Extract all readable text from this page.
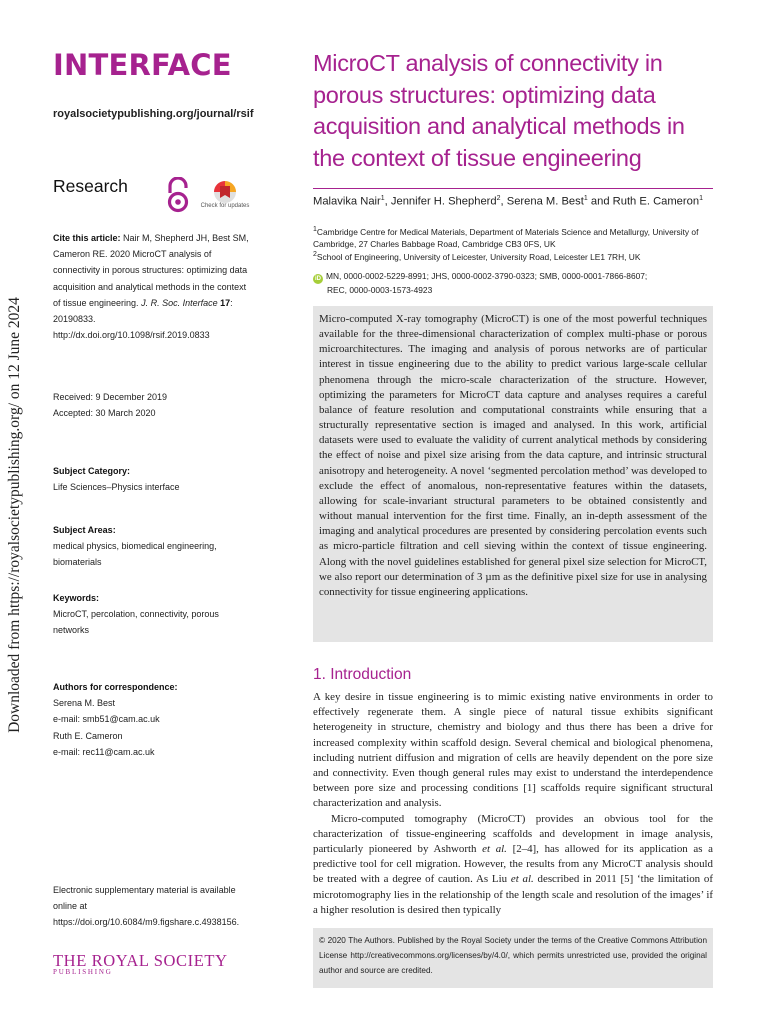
Downloaded from https://royalsocietypublishing.org/ on 12 June 2024
INTERFACE
royalsocietypublishing.org/journal/rsif
Research
Check for updates
Cite this article: Nair M, Shepherd JH, Best SM, Cameron RE. 2020 MicroCT analysis of connectivity in porous structures: optimizing data acquisition and analytical methods in the context of tissue engineering. J. R. Soc. Interface 17: 20190833.
http://dx.doi.org/10.1098/rsif.2019.0833
Received: 9 December 2019
Accepted: 30 March 2020
Subject Category:
Life Sciences–Physics interface
Subject Areas:
medical physics, biomedical engineering, biomaterials
Keywords:
MicroCT, percolation, connectivity, porous networks
Authors for correspondence:
Serena M. Best
e-mail: smb51@cam.ac.uk
Ruth E. Cameron
e-mail: rec11@cam.ac.uk
Electronic supplementary material is available online at https://doi.org/10.6084/m9.figshare.c.4938156.
THE ROYAL SOCIETY
PUBLISHING
MicroCT analysis of connectivity in porous structures: optimizing data acquisition and analytical methods in the context of tissue engineering
Malavika Nair$^1$, Jennifer H. Shepherd$^2$, Serena M. Best$^1$ and Ruth E. Cameron$^1$
$^1$Cambridge Centre for Medical Materials, Department of Materials Science and Metallurgy, University of Cambridge, 27 Charles Babbage Road, Cambridge CB3 0FS, UK
$^2$School of Engineering, University of Leicester, University Road, Leicester LE1 7RH, UK
iD MN, 0000-0002-5229-8991; JHS, 0000-0002-3790-0323; SMB, 0000-0001-7866-8607;
REC, 0000-0003-1573-4923
Micro-computed X-ray tomography (MicroCT) is one of the most powerful techniques available for the three-dimensional characterization of complex multi-phase or porous microarchitectures. The imaging and analysis of porous networks are of particular interest in tissue engineering due to the ability to predict various large-scale cellular phenomena through the micro-scale characterization of the structure. However, optimizing the parameters for MicroCT data capture and analyses requires a careful balance of feature resolution and computational constraints while ensuring that a structurally representative section is imaged and analysed. In this work, artificial datasets were used to evaluate the validity of current analytical methods by considering the effect of noise and pixel size arising from the data capture, and intrinsic structural anisotropy and heterogeneity. A novel ‘segmented percolation method’ was developed to exclude the effect of anomalous, non-representative features within the datasets, allowing for scale-invariant structural parameters to be obtained consistently and without manual intervention for the first time. Finally, an in-depth assessment of the imaging and analytical procedures are presented by considering percolation events such as micro-particle filtration and cell sieving within the context of tissue engineering. Along with the novel guidelines established for general pixel size selection for MicroCT, we also report our determination of 3 µm as the definitive pixel size for use in analysing connectivity for tissue engineering applications.
1. Introduction

A key desire in tissue engineering is to mimic existing native environments in order to effectively regenerate them. A single piece of natural tissue exhibits significant heterogeneity in structure, chemistry and biology and thus there has been a drive for increased complexity within scaffold design. Several chemical and biological phenomena, including nutrient diffusion and migration of cells are heavily dependent on the pore size and connectivity. Even though general rules may exist to understand the interdependence between pore size and processing conditions [1] scaffolds require significant structural characterization and analysis.

Micro-computed tomography (MicroCT) provides an obvious tool for the characterization of tissue-engineering scaffolds and development in image analysis, particularly pioneered by Ashworth et al. [2–4], has allowed for its application as a predictive tool for cell migration. However, the results from any MicroCT analysis should be treated with a degree of caution. As Liu et al. described in 2011 [5] ‘the limitation of microtomography lies in the relationship of the length scale and resolution of the images’ if a higher resolution is desired then typically

© 2020 The Authors. Published by the Royal Society under the terms of the Creative Commons Attribution License http://creativecommons.org/licenses/by/4.0/, which permits unrestricted use, provided the original author and source are credited.
